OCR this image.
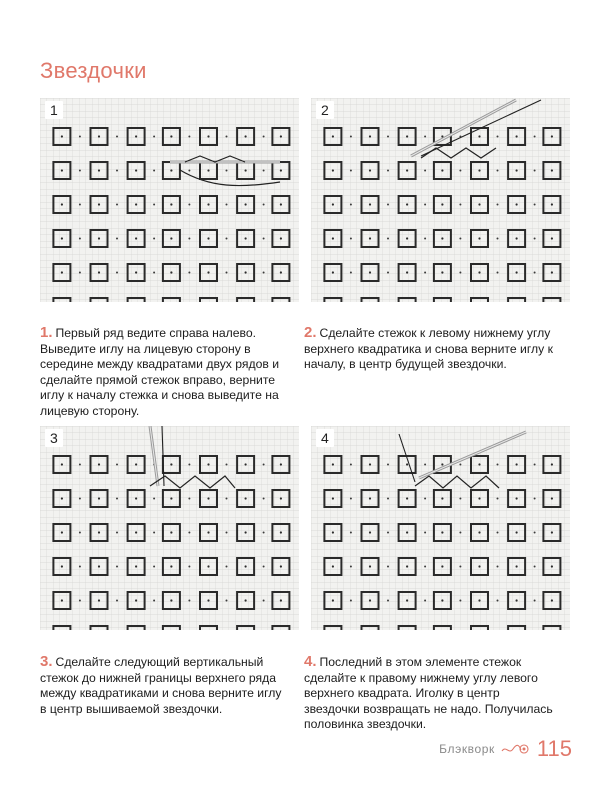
Звездочки
1	2
1. Первый ряд ведите справа налево. Выведите иглу на лицевую сторону в середине между квадратами двух рядов и сделайте прямой стежок вправо, верните иглу к началу стежка и снова выведите на лицевую сторону.
2. Сделайте стежок к левому нижнему углу верхнего квадратика и снова верните иглу к началу, в центр будущей звездочки.
3	4
3. Сделайте следующий вертикальный стежок до нижней границы верхнего ряда между квадратиками и снова верните иглу в центр вышиваемой звездочки.
4. Последний в этом элементе стежок сделайте к правому нижнему углу левого верхнего квадрата. Иголку в центр звездочки возвращать не надо. Получилась половинка звездочки.
Блэкворк 115
